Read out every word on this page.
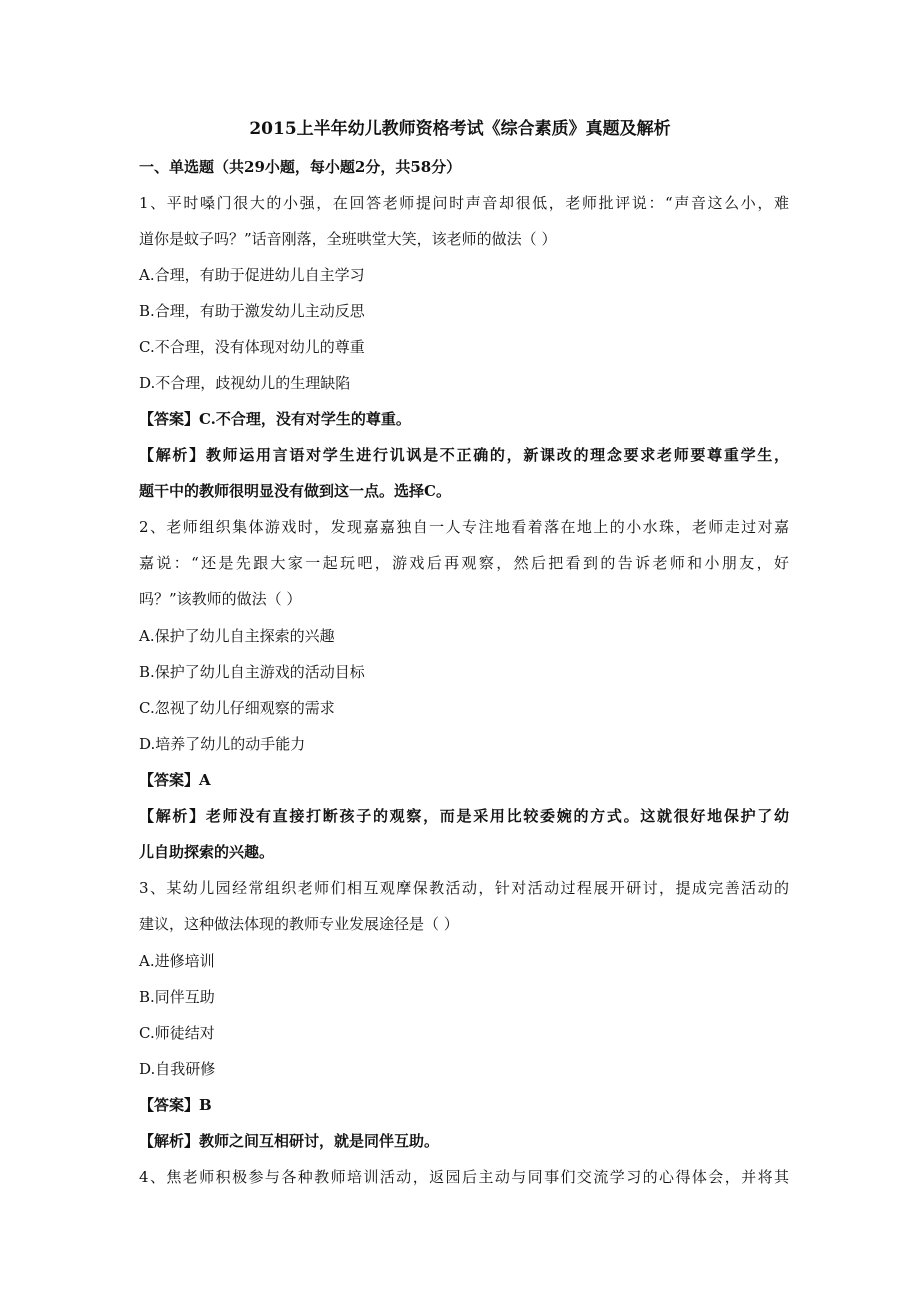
2015上半年幼儿教师资格考试《综合素质》真题及解析
一、单选题（共29小题，每小题2分，共58分）
1、平时嗓门很大的小强，在回答老师提问时声音却很低，老师批评说：“声音这么小，难
道你是蚊子吗？”话音刚落，全班哄堂大笑，该老师的做法（ ）
A.合理，有助于促进幼儿自主学习
B.合理，有助于激发幼儿主动反思
C.不合理，没有体现对幼儿的尊重
D.不合理，歧视幼儿的生理缺陷
【答案】C.不合理，没有对学生的尊重。
【解析】教师运用言语对学生进行讥讽是不正确的，新课改的理念要求老师要尊重学生，
题干中的教师很明显没有做到这一点。选择C。
2、老师组织集体游戏时，发现嘉嘉独自一人专注地看着落在地上的小水珠，老师走过对嘉
嘉说：“还是先跟大家一起玩吧，游戏后再观察，然后把看到的告诉老师和小朋友，好
吗？”该教师的做法（ ）
A.保护了幼儿自主探索的兴趣
B.保护了幼儿自主游戏的活动目标
C.忽视了幼儿仔细观察的需求
D.培养了幼儿的动手能力
【答案】A
【解析】老师没有直接打断孩子的观察，而是采用比较委婉的方式。这就很好地保护了幼
儿自助探索的兴趣。
3、某幼儿园经常组织老师们相互观摩保教活动，针对活动过程展开研讨，提成完善活动的
建议，这种做法体现的教师专业发展途径是（ ）
A.进修培训
B.同伴互助
C.师徒结对
D.自我研修
【答案】B
【解析】教师之间互相研讨，就是同伴互助。
4、焦老师积极参与各种教师培训活动，返园后主动与同事们交流学习的心得体会，并将其
